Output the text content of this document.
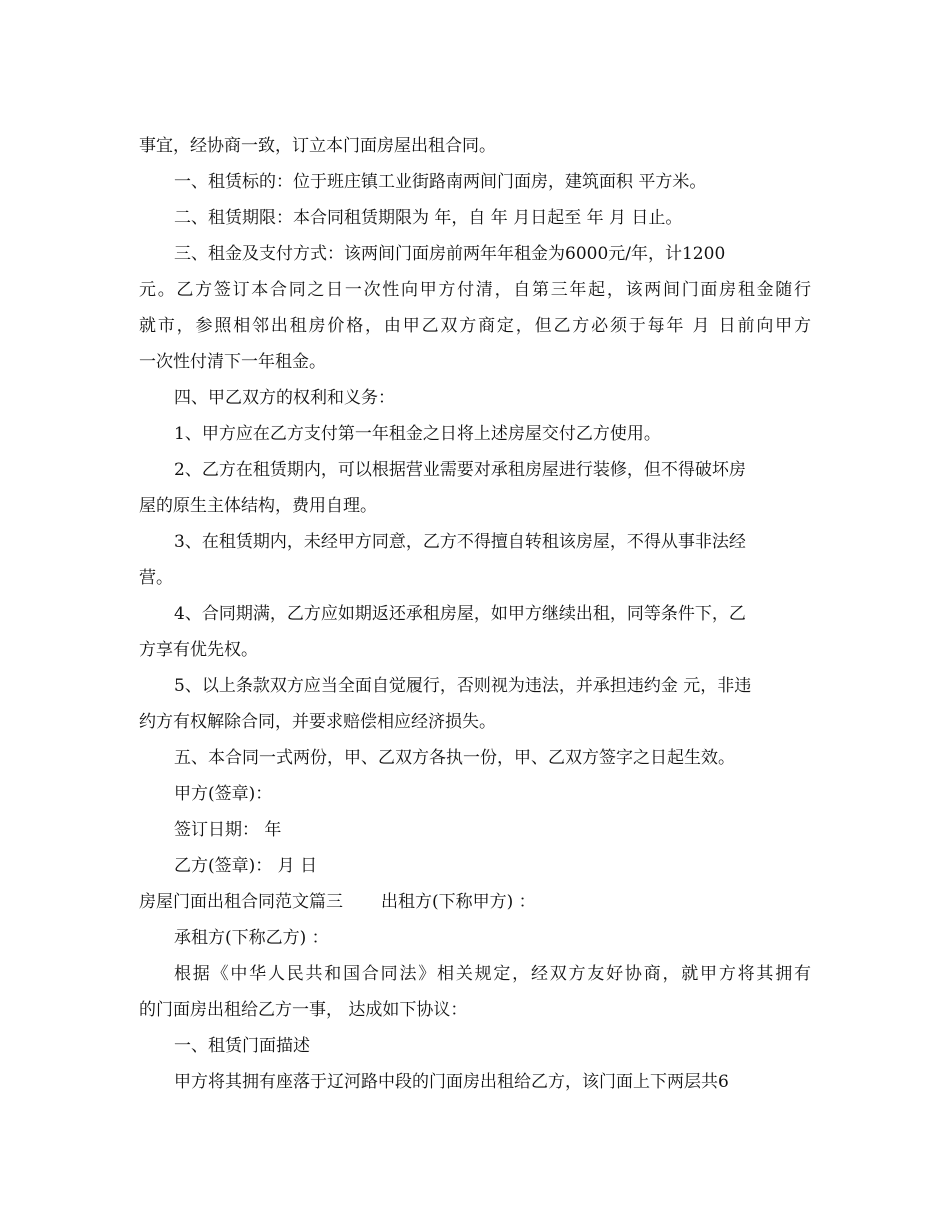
事宜，经协商一致，订立本门面房屋出租合同。
一、租赁标的：位于班庄镇工业街路南两间门面房，建筑面积 平方米。
二、租赁期限：本合同租赁期限为 年，自 年 月日起至 年 月 日止。
三、租金及支付方式：该两间门面房前两年年租金为6000元/年，计1200
元。乙方签订本合同之日一次性向甲方付清，自第三年起，该两间门面房租金随行
就市，参照相邻出租房价格，由甲乙双方商定，但乙方必须于每年 月 日前向甲方
一次性付清下一年租金。
四、甲乙双方的权利和义务：
1、甲方应在乙方支付第一年租金之日将上述房屋交付乙方使用。
2、乙方在租赁期内，可以根据营业需要对承租房屋进行装修，但不得破坏房
屋的原生主体结构，费用自理。
3、在租赁期内，未经甲方同意，乙方不得擅自转租该房屋，不得从事非法经
营。
4、合同期满，乙方应如期返还承租房屋，如甲方继续出租，同等条件下，乙
方享有优先权。
5、以上条款双方应当全面自觉履行，否则视为违法，并承担违约金 元，非违
约方有权解除合同，并要求赔偿相应经济损失。
五、本合同一式两份，甲、乙双方各执一份，甲、乙双方签字之日起生效。
甲方(签章)：
签订日期： 年
乙方(签章)： 月 日
房屋门面出租合同范文篇三 出租方(下称甲方) ：
承租方(下称乙方) ：
根据《中华人民共和国合同法》相关规定，经双方友好协商，就甲方将其拥有
的门面房出租给乙方一事， 达成如下协议：
一、租赁门面描述
甲方将其拥有座落于辽河路中段的门面房出租给乙方，该门面上下两层共6
